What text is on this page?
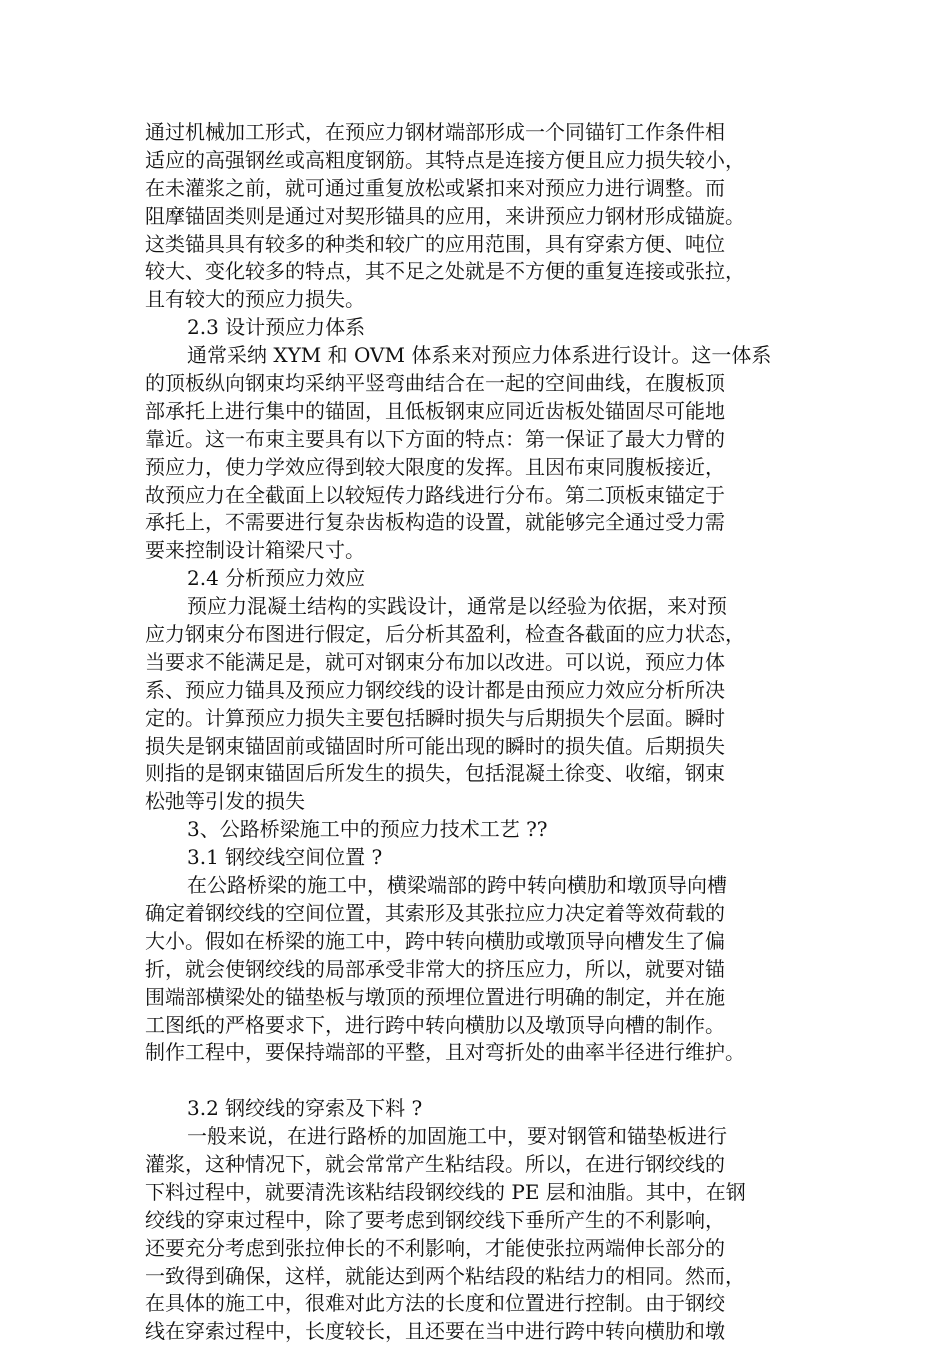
通过机械加工形式，在预应力钢材端部形成一个同锚钉工作条件相
适应的高强钢丝或高粗度钢筋。其特点是连接方便且应力损失较小，
在未灌浆之前，就可通过重复放松或紧扣来对预应力进行调整。而
阻摩锚固类则是通过对契形锚具的应用，来讲预应力钢材形成锚旋。
这类锚具具有较多的种类和较广的应用范围，具有穿索方便、吨位
较大、变化较多的特点，其不足之处就是不方便的重复连接或张拉，
且有较大的预应力损失。
2.3 设计预应力体系
通常采纳 XYM 和 OVM 体系来对预应力体系进行设计。这一体系
的顶板纵向钢束均采纳平竖弯曲结合在一起的空间曲线，在腹板顶
部承托上进行集中的锚固，且低板钢束应同近齿板处锚固尽可能地
靠近。这一布束主要具有以下方面的特点：第一保证了最大力臂的
预应力，使力学效应得到较大限度的发挥。且因布束同腹板接近，
故预应力在全截面上以较短传力路线进行分布。第二顶板束锚定于
承托上，不需要进行复杂齿板构造的设置，就能够完全通过受力需
要来控制设计箱梁尺寸。
2.4 分析预应力效应
预应力混凝土结构的实践设计，通常是以经验为依据，来对预
应力钢束分布图进行假定，后分析其盈利，检查各截面的应力状态，
当要求不能满足是，就可对钢束分布加以改进。可以说，预应力体
系、预应力锚具及预应力钢绞线的设计都是由预应力效应分析所决
定的。计算预应力损失主要包括瞬时损失与后期损失个层面。瞬时
损失是钢束锚固前或锚固时所可能出现的瞬时的损失值。后期损失
则指的是钢束锚固后所发生的损失，包括混凝土徐变、收缩，钢束
松弛等引发的损失
3、公路桥梁施工中的预应力技术工艺 ??
3.1 钢绞线空间位置 ?
在公路桥梁的施工中，横梁端部的跨中转向横肋和墩顶导向槽
确定着钢绞线的空间位置，其索形及其张拉应力决定着等效荷载的
大小。假如在桥梁的施工中，跨中转向横肋或墩顶导向槽发生了偏
折，就会使钢绞线的局部承受非常大的挤压应力，所以，就要对锚
围端部横梁处的锚垫板与墩顶的预埋位置进行明确的制定，并在施
工图纸的严格要求下，进行跨中转向横肋以及墩顶导向槽的制作。
制作工程中，要保持端部的平整，且对弯折处的曲率半径进行维护。
3.2 钢绞线的穿索及下料 ?
一般来说，在进行路桥的加固施工中，要对钢管和锚垫板进行
灌浆，这种情况下，就会常常产生粘结段。所以，在进行钢绞线的
下料过程中，就要清洗该粘结段钢绞线的 PE 层和油脂。其中，在钢
绞线的穿束过程中，除了要考虑到钢绞线下垂所产生的不利影响，
还要充分考虑到张拉伸长的不利影响，才能使张拉两端伸长部分的
一致得到确保，这样，就能达到两个粘结段的粘结力的相同。然而，
在具体的施工中，很难对此方法的长度和位置进行控制。由于钢绞
线在穿索过程中，长度较长，且还要在当中进行跨中转向横肋和墩
